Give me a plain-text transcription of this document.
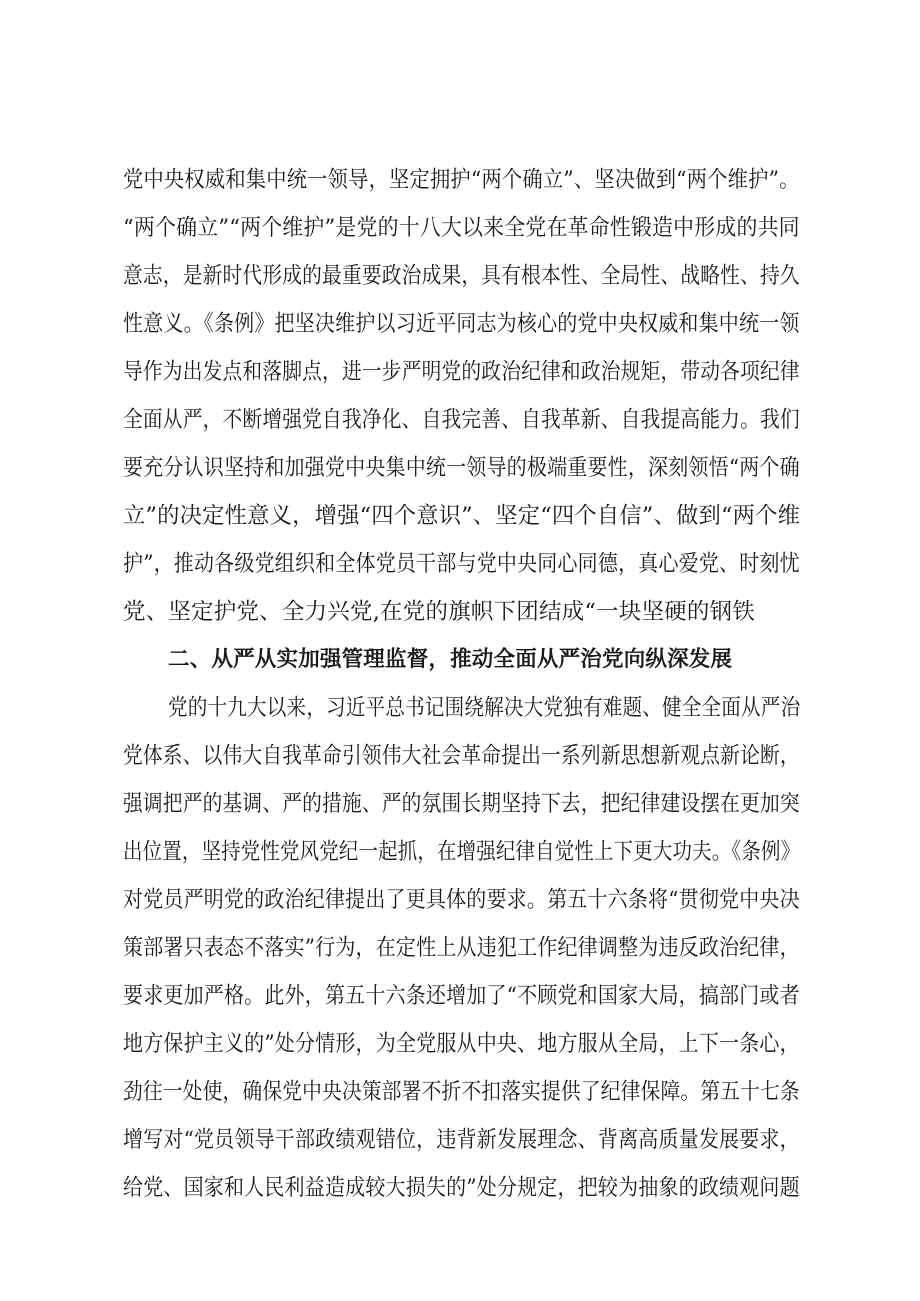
党中央权威和集中统一领导，坚定拥护“两个确立”、坚决做到“两个维护”。
“两个确立”“两个维护”是党的十八大以来全党在革命性锻造中形成的共同
意志，是新时代形成的最重要政治成果，具有根本性、全局性、战略性、持久
性意义。《条例》把坚决维护以习近平同志为核心的党中央权威和集中统一领
导作为出发点和落脚点，进一步严明党的政治纪律和政治规矩，带动各项纪律
全面从严，不断增强党自我净化、自我完善、自我革新、自我提高能力。我们
要充分认识坚持和加强党中央集中统一领导的极端重要性，深刻领悟“两个确
立”的决定性意义，增强“四个意识”、坚定“四个自信”、做到“两个维
护”，推动各级党组织和全体党员干部与党中央同心同德，真心爱党、时刻忧
党、坚定护党、全力兴党,在党的旗帜下团结成“一块坚硬的钢铁
二、从严从实加强管理监督，推动全面从严治党向纵深发展
党的十九大以来，习近平总书记围绕解决大党独有难题、健全全面从严治
党体系、以伟大自我革命引领伟大社会革命提出一系列新思想新观点新论断，
强调把严的基调、严的措施、严的氛围长期坚持下去，把纪律建设摆在更加突
出位置，坚持党性党风党纪一起抓，在增强纪律自觉性上下更大功夫。《条例》
对党员严明党的政治纪律提出了更具体的要求。第五十六条将“贯彻党中央决
策部署只表态不落实”行为，在定性上从违犯工作纪律调整为违反政治纪律，
要求更加严格。此外，第五十六条还增加了“不顾党和国家大局，搞部门或者
地方保护主义的”处分情形，为全党服从中央、地方服从全局，上下一条心，
劲往一处使，确保党中央决策部署不折不扣落实提供了纪律保障。第五十七条
增写对“党员领导干部政绩观错位，违背新发展理念、背离高质量发展要求，
给党、国家和人民利益造成较大损失的”处分规定，把较为抽象的政绩观问题
